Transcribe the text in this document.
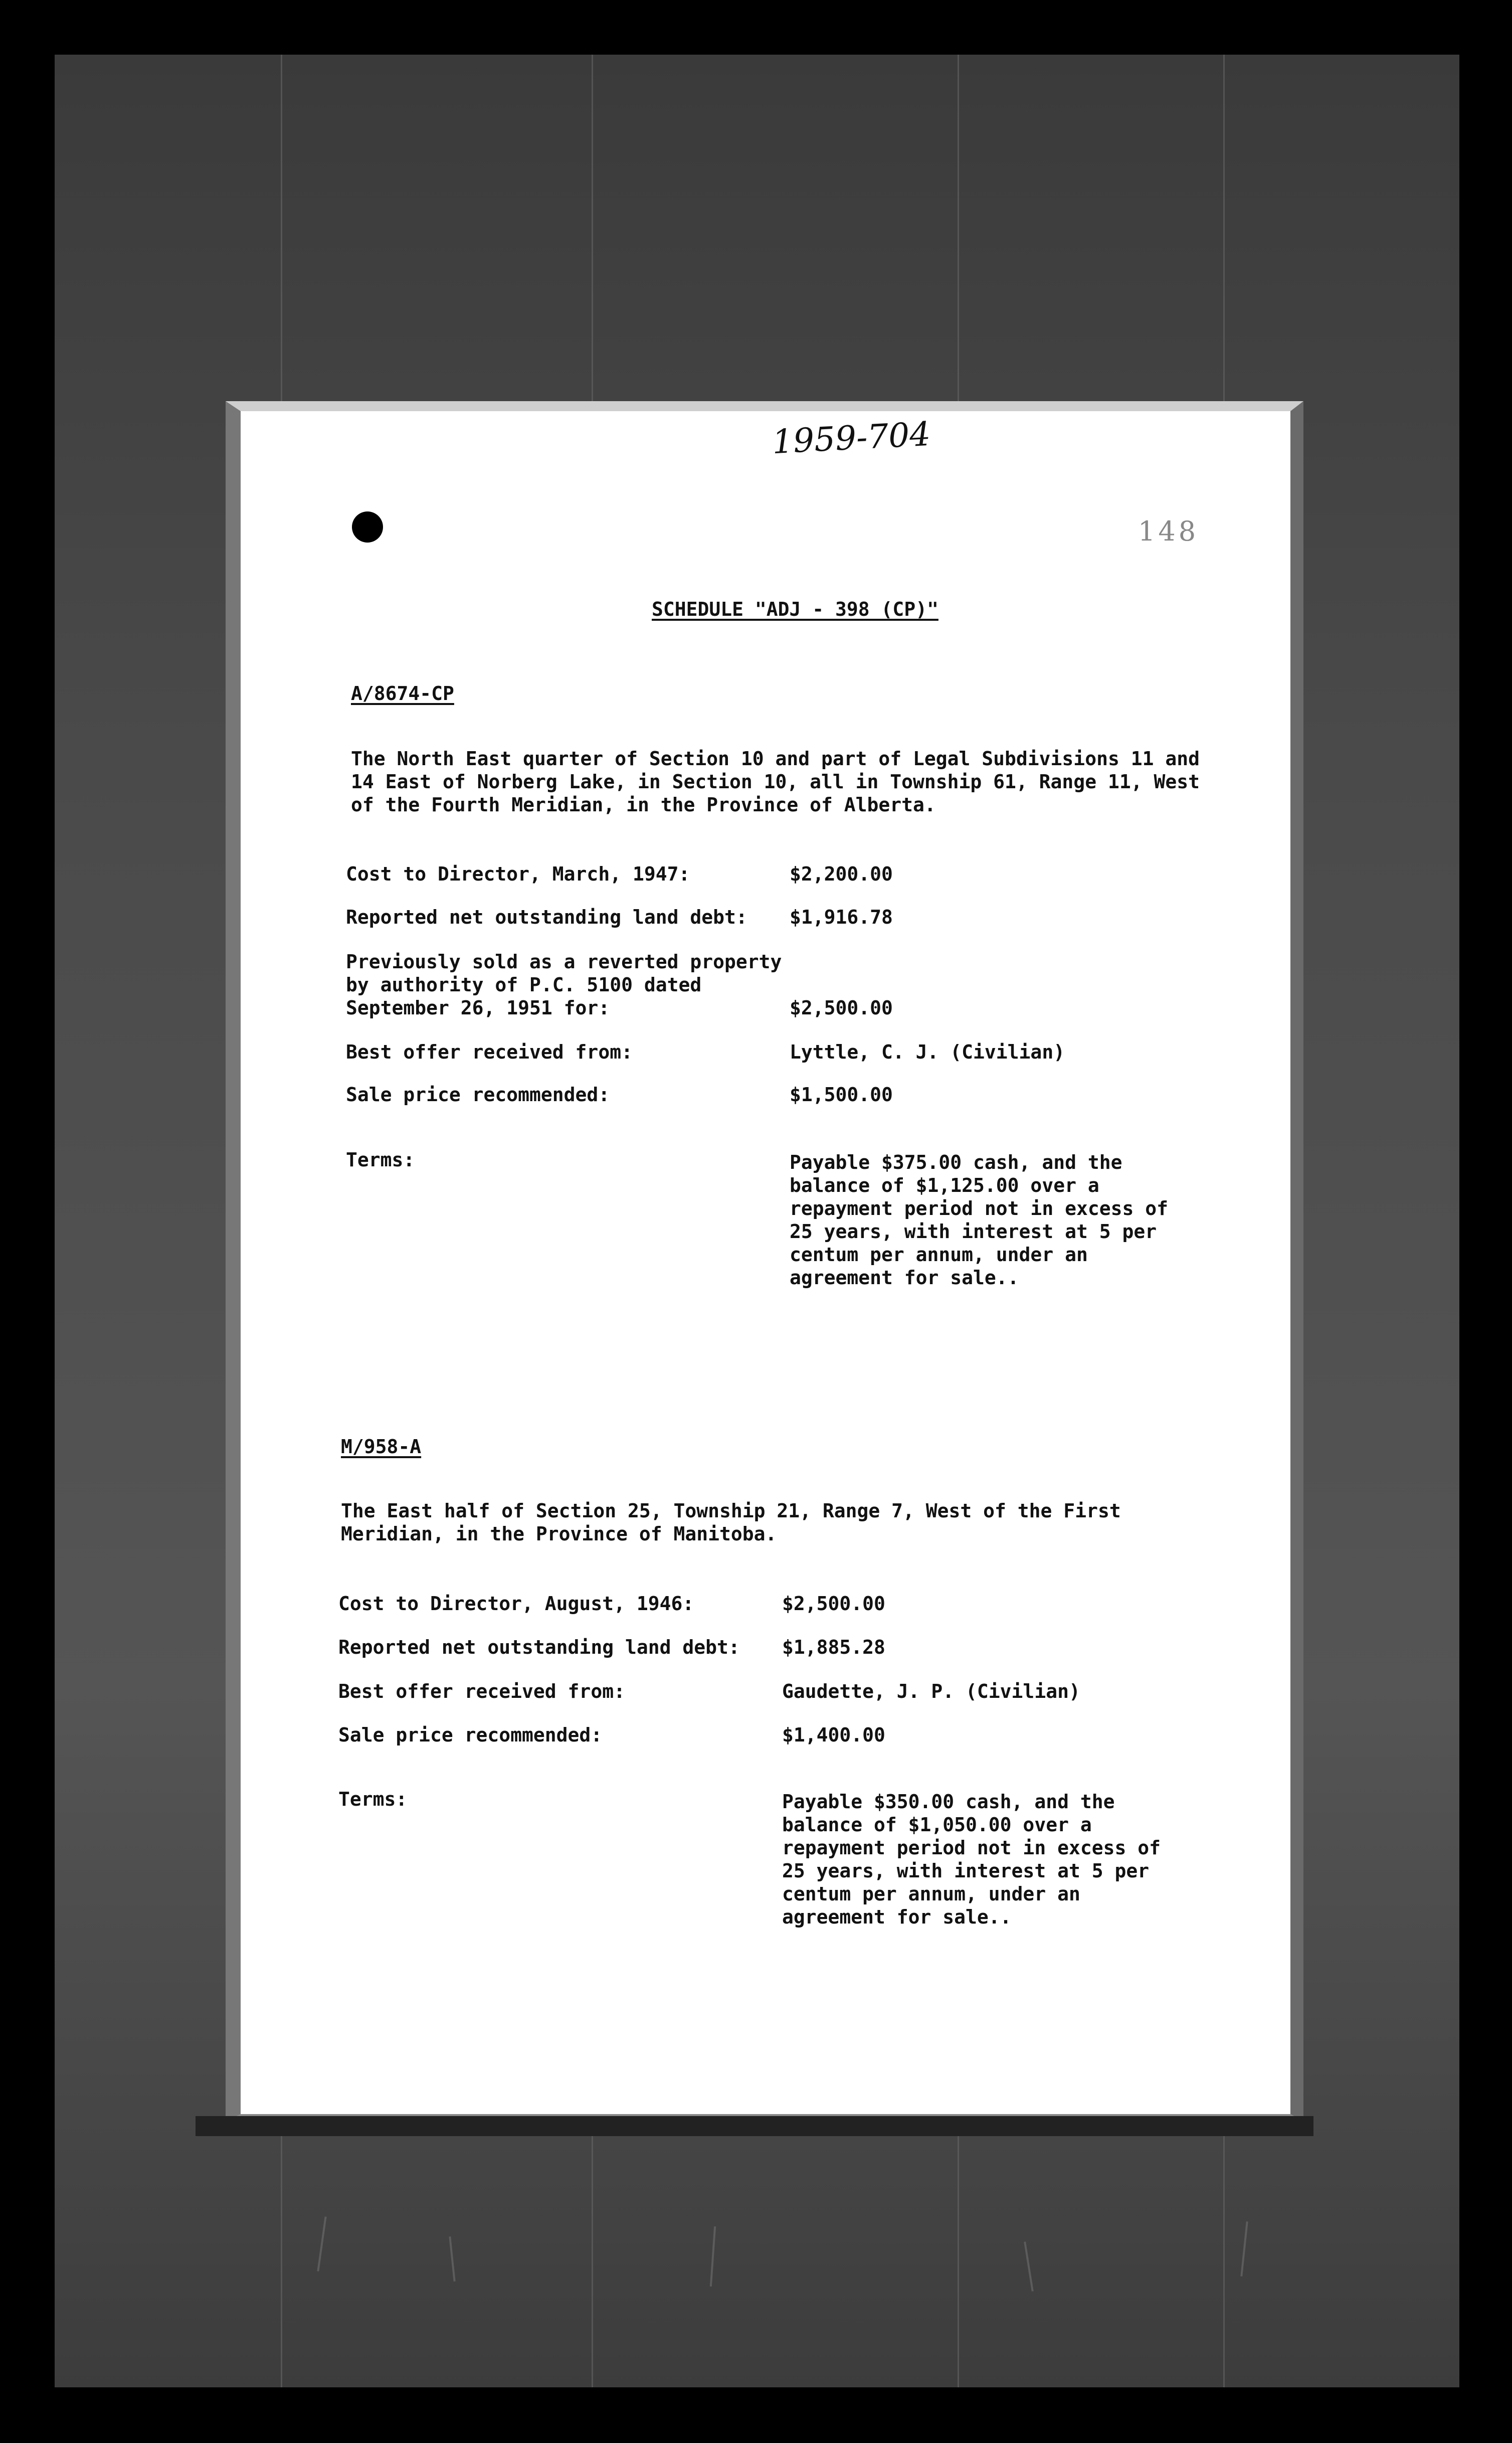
1959-704
148
SCHEDULE "ADJ - 398 (CP)"
A/8674-CP
The North East quarter of Section 10 and part of Legal Subdivisions 11 and 14 East of Norberg Lake, in Section 10, all in Township 61, Range 11, West of the Fourth Meridian, in the Province of Alberta.
Cost to Director, March, 1947:	$2,200.00
Reported net outstanding land debt: $1,916.78
Previously sold as a reverted property
by authority of P.C. 5100 dated
September 26, 1951 for:	$2,500.00
Best offer received from:	Lyttle, C. J. (Civilian)
Sale price recommended:	$1,500.00
Terms:	Payable $375.00 cash, and the balance of $1,125.00 over a repayment period not in excess of 25 years, with interest at 5 per centum per annum, under an agreement for sale..
M/958-A
The East half of Section 25, Township 21, Range 7, West of the First Meridian, in the Province of Manitoba.
Cost to Director, August, 1946:	$2,500.00
Reported net outstanding land debt: $1,885.28
Best offer received from:	Gaudette, J. P. (Civilian)
Sale price recommended:	$1,400.00
Terms:	Payable $350.00 cash, and the balance of $1,050.00 over a repayment period not in excess of 25 years, with interest at 5 per centum per annum, under an agreement for sale..
